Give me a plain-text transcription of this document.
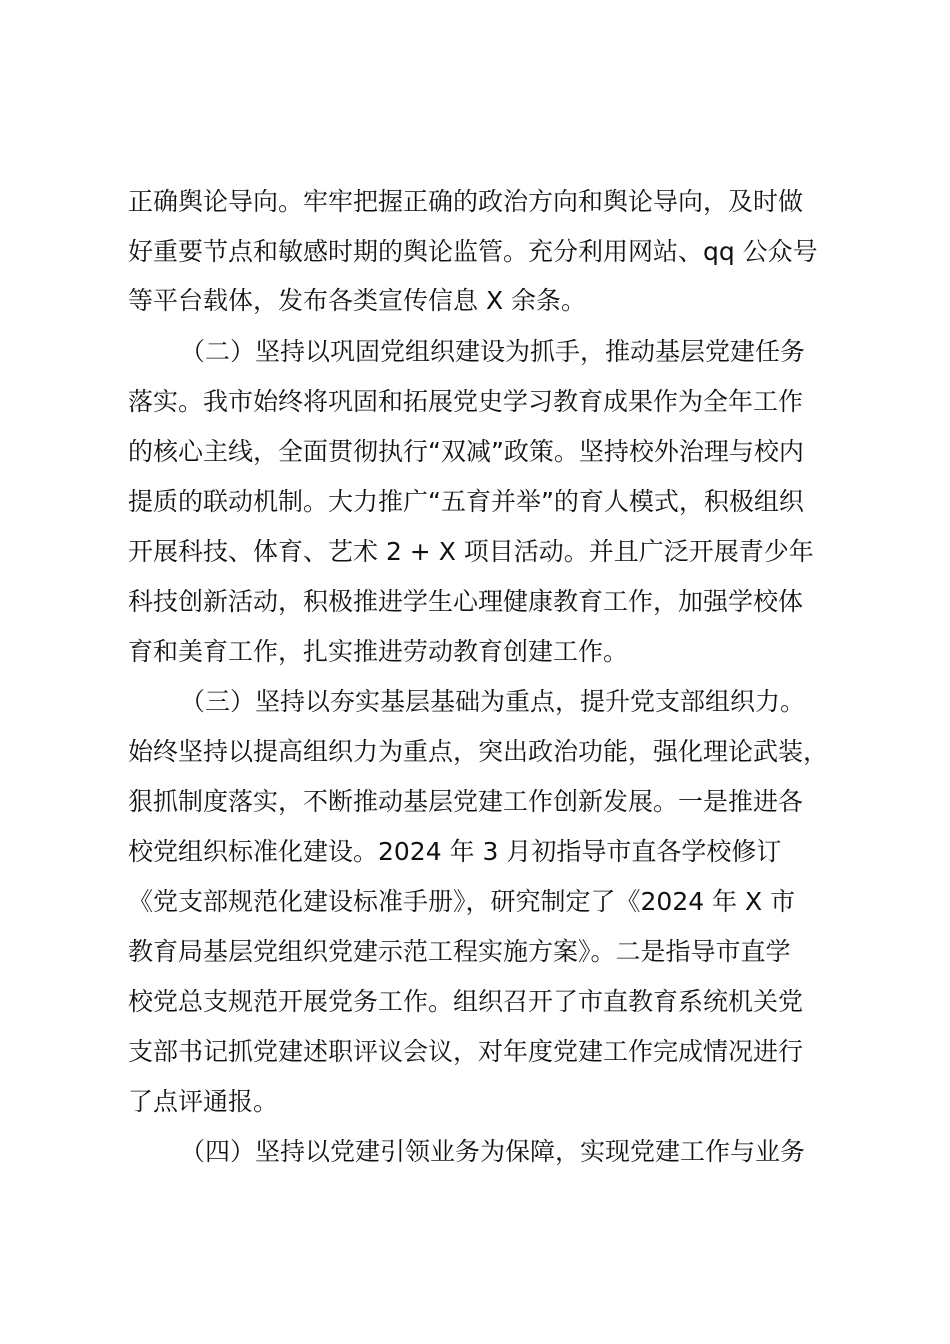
正确舆论导向。牢牢把握正确的政治方向和舆论导向，及时做
好重要节点和敏感时期的舆论监管。充分利用网站、qq 公众号
等平台载体，发布各类宣传信息 X 余条。
（二）坚持以巩固党组织建设为抓手，推动基层党建任务
落实。我市始终将巩固和拓展党史学习教育成果作为全年工作
的核心主线，全面贯彻执行“双减”政策。坚持校外治理与校内
提质的联动机制。大力推广“五育并举”的育人模式，积极组织
开展科技、体育、艺术 2 + X 项目活动。并且广泛开展青少年
科技创新活动，积极推进学生心理健康教育工作，加强学校体
育和美育工作，扎实推进劳动教育创建工作。
（三）坚持以夯实基层基础为重点，提升党支部组织力。
始终坚持以提高组织力为重点，突出政治功能，强化理论武装，
狠抓制度落实，不断推动基层党建工作创新发展。一是推进各
校党组织标准化建设。2024 年 3 月初指导市直各学校修订
《党支部规范化建设标准手册》，研究制定了《2024 年 X 市
教育局基层党组织党建示范工程实施方案》。二是指导市直学
校党总支规范开展党务工作。组织召开了市直教育系统机关党
支部书记抓党建述职评议会议，对年度党建工作完成情况进行
了点评通报。
（四）坚持以党建引领业务为保障，实现党建工作与业务
